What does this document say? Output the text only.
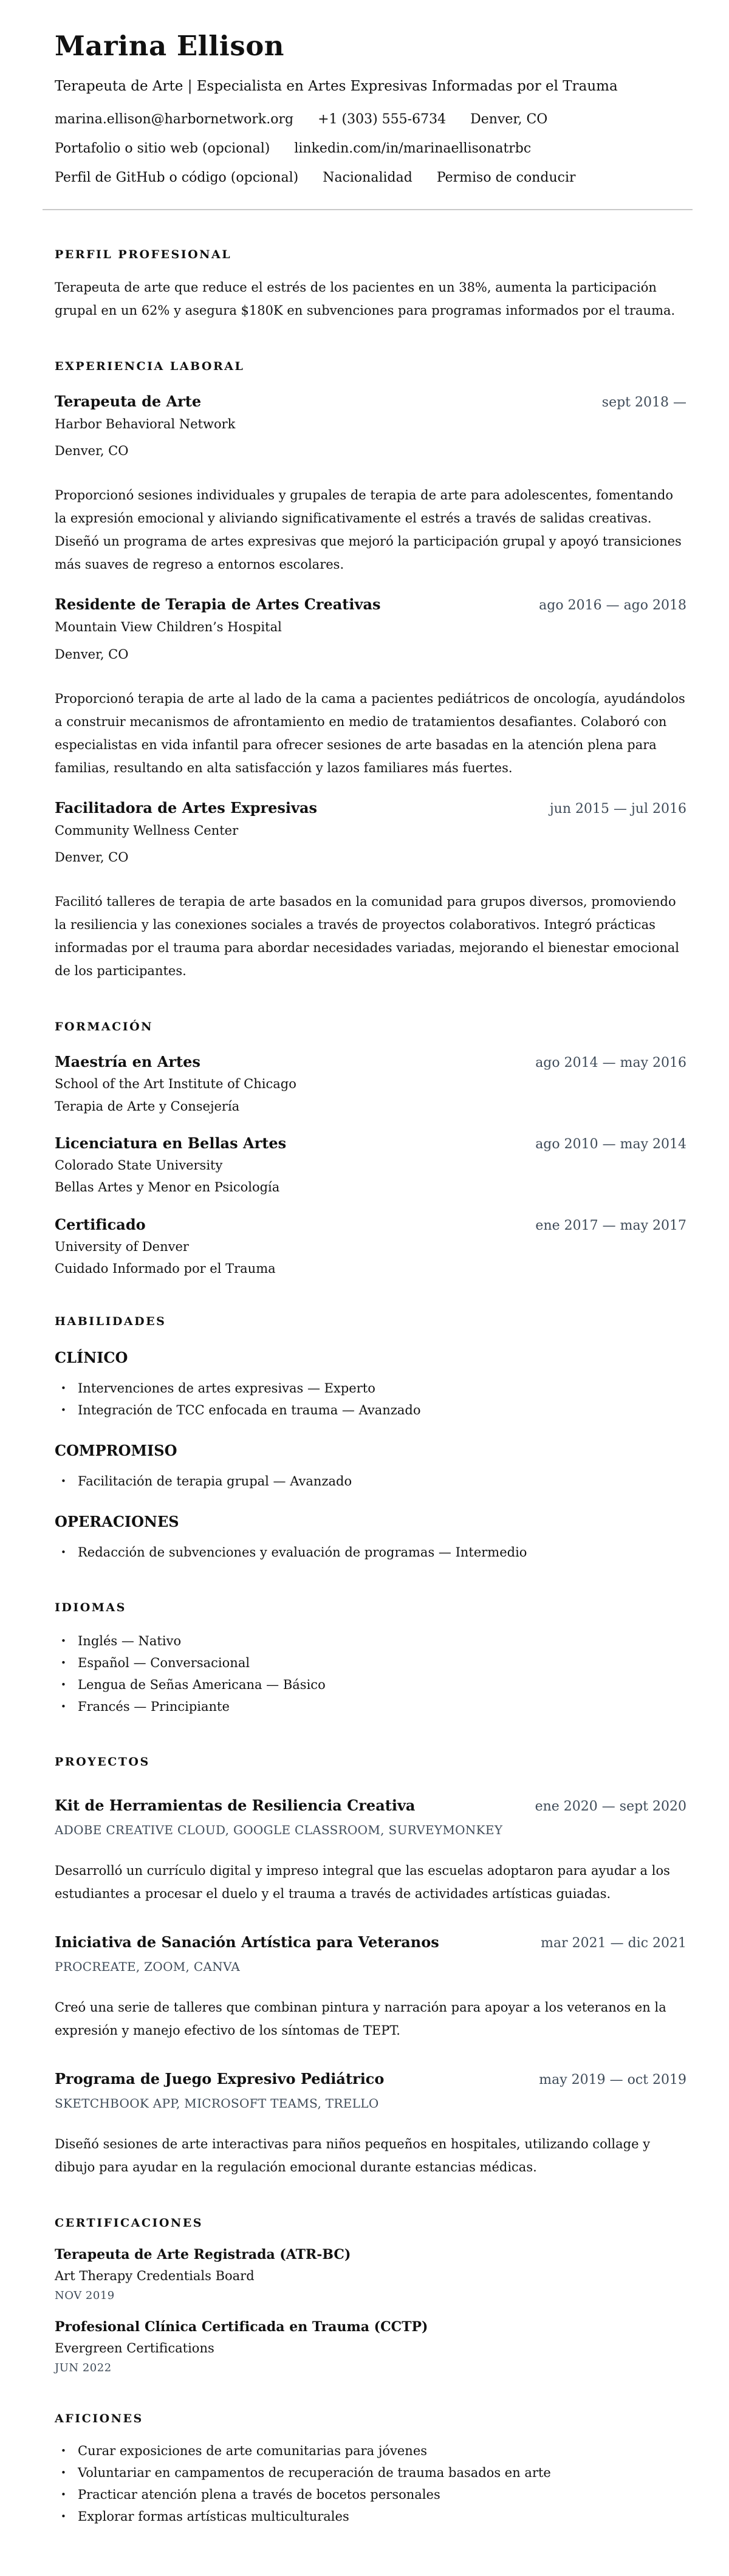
Marina Ellison

Terapeuta de Arte | Especialista en Artes Expresivas Informadas por el Trauma

marina.ellison@harbornetwork.org +1 (303) 555-6734 Denver, CO
Portafolio o sitio web (opcional) linkedin.com/in/marinaellisonatrbc
Perfil de GitHub o código (opcional) Nacionalidad Permiso de conducir
PERFIL PROFESIONAL

Terapeuta de arte que reduce el estrés de los pacientes en un 38%, aumenta la participación grupal en un 62% y asegura $180K en subvenciones para programas informados por el trauma.

EXPERIENCIA LABORAL
Terapeuta de Arte	sept 2018 —

Harbor Behavioral Network

Denver, CO

Proporcionó sesiones individuales y grupales de terapia de arte para adolescentes, fomentando la expresión emocional y aliviando significativamente el estrés a través de salidas creativas. Diseñó un programa de artes expresivas que mejoró la participación grupal y apoyó transiciones más suaves de regreso a entornos escolares.

Residente de Terapia de Artes Creativas	ago 2016 — ago 2018

Mountain View Children’s Hospital

Denver, CO

Proporcionó terapia de arte al lado de la cama a pacientes pediátricos de oncología, ayudándolos a construir mecanismos de afrontamiento en medio de tratamientos desafiantes. Colaboró con especialistas en vida infantil para ofrecer sesiones de arte basadas en la atención plena para familias, resultando en alta satisfacción y lazos familiares más fuertes.

Facilitadora de Artes Expresivas	jun 2015 — jul 2016

Community Wellness Center

Denver, CO

Facilitó talleres de terapia de arte basados en la comunidad para grupos diversos, promoviendo la resiliencia y las conexiones sociales a través de proyectos colaborativos. Integró prácticas informadas por el trauma para abordar necesidades variadas, mejorando el bienestar emocional de los participantes.

FORMACIÓN
Maestría en Artes	ago 2014 — may 2016

School of the Art Institute of Chicago

Terapia de Arte y Consejería

Licenciatura en Bellas Artes	ago 2010 — may 2014

Colorado State University

Bellas Artes y Menor en Psicología

Certificado	ene 2017 — may 2017

University of Denver

Cuidado Informado por el Trauma

HABILIDADES
CLÍNICO
• Intervenciones de artes expresivas — Experto
• Integración de TCC enfocada en trauma — Avanzado
COMPROMISO
• Facilitación de terapia grupal — Avanzado
OPERACIONES
• Redacción de subvenciones y evaluación de programas — Intermedio
IDIOMAS
• Inglés — Nativo
• Español — Conversacional
• Lengua de Señas Americana — Básico
• Francés — Principiante
PROYECTOS
Kit de Herramientas de Resiliencia Creativa	ene 2020 — sept 2020

ADOBE CREATIVE CLOUD, GOOGLE CLASSROOM, SURVEYMONKEY

Desarrolló un currículo digital y impreso integral que las escuelas adoptaron para ayudar a los estudiantes a procesar el duelo y el trauma a través de actividades artísticas guiadas.

Iniciativa de Sanación Artística para Veteranos	mar 2021 — dic 2021

PROCREATE, ZOOM, CANVA

Creó una serie de talleres que combinan pintura y narración para apoyar a los veteranos en la expresión y manejo efectivo de los síntomas de TEPT.

Programa de Juego Expresivo Pediátrico	may 2019 — oct 2019

SKETCHBOOK APP, MICROSOFT TEAMS, TRELLO

Diseñó sesiones de arte interactivas para niños pequeños en hospitales, utilizando collage y dibujo para ayudar en la regulación emocional durante estancias médicas.

CERTIFICACIONES
Terapeuta de Arte Registrada (ATR-BC)

Art Therapy Credentials Board

NOV 2019

Profesional Clínica Certificada en Trauma (CCTP)

Evergreen Certifications

JUN 2022

AFICIONES
• Curar exposiciones de arte comunitarias para jóvenes
• Voluntariar en campamentos de recuperación de trauma basados en arte
• Practicar atención plena a través de bocetos personales
• Explorar formas artísticas multiculturales
